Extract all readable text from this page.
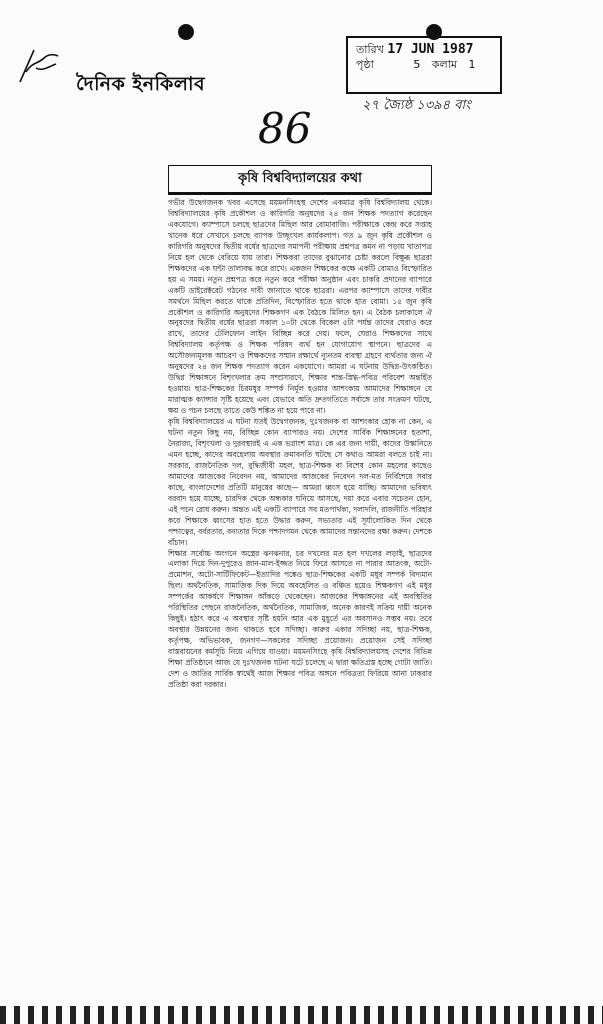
দৈনিক ইনকিলাব
তারিখ 17 JUN 1987
পৃষ্ঠা	5 কলাম 1
86	২৭ জ্যৈষ্ঠ ১৩৯৪ বাং
কৃষি বিশ্ববিদ্যালয়ের কথা

গভীর উদ্বেগজনক খবর এসেছে ময়মনসিংহস্থ দেশের একমাত্র কৃষি বিশ্ববিদ্যালয় থেকে। বিশ্ববিদ্যালয়ের কৃষি প্রকৌশল ও কারিগরি অনুষদের ২৪ জন শিক্ষক পদত্যাগ করেছেন একযোগে। ক্যাম্পাসে চলছে ছাত্রদের মিছিল আর বোমাবাজি। পরীক্ষাকে কেন্দ্র করে সপ্তাহ খানেক ধরে সেখানে চলছে ব্যাপক উচ্ছৃংখল কার্যকলাপ। গত ৯ জুন কৃষি প্রকৌশল ও কারিগরি অনুষদের দ্বিতীয় বর্ষের ছাত্রদের সমাপনী পরীক্ষায় প্রশ্নপত্র কমন না পড়ায় খাতাপত্র নিয়ে হল থেকে বেরিয়ে যায় তারা। শিক্ষকরা তাদের বুঝানোর চেষ্টা করলে বিক্ষুব্ধ ছাত্ররা শিক্ষকদের এক ঘন্টা তালাবদ্ধ করে রাখে। একজন শিক্ষকের কক্ষে একটি বোমাও বিস্ফোরিত হয় এ সময়। নতুন প্রশ্নপত্র করে নতুন করে পরীক্ষা অনুষ্ঠান এবং চাকরি প্রদানের ব্যাপারে একটি ডাইরেক্টরেট গঠনের দাবী জানাতে থাকে ছাত্ররা। এরপর ক্যাম্পাসে তাদের দাবীর সমর্থনে মিছিল করতে থাকে প্রতিদিন, বিস্ফোরিত হতে থাকে হাত বোমা। ১৫ জুন কৃষি প্রকৌশল ও কারিগরি অনুষদের শিক্ষকগণ এক বৈঠকে মিলিত হন। এ বৈঠক চলাকালে ঐ অনুষদের দ্বিতীয় বর্ষের ছাত্ররা সকাল ১০টা থেকে বিকেল ৫টা পর্যন্ত তাদের ঘেরাও করে রাখে, তাদের টেলিফোন লাইন বিচ্ছিন্ন করে দেয়। ফলে, ঘেরাও শিক্ষকদের সাথে বিশ্ববিদ্যালয় কর্তৃপক্ষ ও শিক্ষক পরিষদ ব্যর্থ হন যোগাযোগ স্থাপনে। ছাত্রদের এ অসৌজন্যমূলক আচরণ ও শিক্ষকদের সম্মান রক্ষার্থে ন্যূনতম ব্যবস্থা গ্রহণে ব্যর্থতার জন্য ঐ অনুষদের ২৪ জন শিক্ষক পদত্যাগ করেন একযোগে। আমরা এ ঘটনায় উদ্বিগ্ন-উৎকণ্ঠিত। উদ্বিগ্ন শিক্ষাঙ্গনে বিশৃংখলার ক্রম সম্প্রসারণে, শিক্ষার শান্ত-স্নিগ্ধ-পবিত্র পরিবেশ অন্তর্হিত হওয়ায়। ছাত্র-শিক্ষকের চিরমধুর সম্পর্ক নির্মূল হওয়ার আশংকায় আমাদের শিক্ষাঙ্গনে যে মারাত্মক ক্যান্সার সৃষ্টি হয়েছে এবং যেভাবে অতি দ্রুতগতিতে সর্বাঙ্গে তার সংক্রমণ ঘটছে, ক্ষয় ও পচন চলছে তাতে কেউ শঙ্কিত না হয়ে পারে না।

কৃষি বিশ্ববিদ্যালয়ের এ ঘটনা যতই উদ্বেগজনক, দুঃখজনক বা আশংকার হোক না কেন, এ ঘটনা নতুন কিছু নয়, বিচ্ছিন্ন কোন ব্যাপারও নয়। দেশের সার্বিক শিক্ষাঙ্গনের হতাশা, নৈরাজ্য, বিশৃংখলা ও দুরবস্থারই এ এক ভগ্নাংশ মাত্র। কে এর জন্য দায়ী, কাদের উস্কানিতে এমন হচ্ছে, কাদের অবহেলায় অবস্থার ক্রমাবনতি ঘটছে সে কথাও আমরা বলতে চাই না। সরকার, রাজনৈতিক দল, বুদ্ধিজীবী মহল, ছাত্র-শিক্ষক বা বিশেষ কোন মহলের কাছেও আমাদের আজকের নিবেদন নয়, আমাদের আজকের নিবেদন দল-মত নির্বিশেষে সবার কাছে, বাংলাদেশের প্রতিটি মানুষের কাছে— আমরা ধ্বংস হয়ে যাচ্ছি। আমাদের ভবিষ্যৎ বরবাদ হয়ে যাচ্ছে, চারদিক থেকে অন্ধকার ঘনিয়ে আসছে, দয়া করে এবার সচেতন হোন, এই পচন রোধ করুন। অন্তত এই একটি ব্যাপারে সব মতপার্থক্য, দলাদলি, রাজনীতি পরিহার করে শিক্ষাকে ধ্বংসের হাত হতে উদ্ধার করুন, সভ্যতার এই সূর্যালোকিত দিন থেকে পশ্চাত্বের, বর্বরতার, বন্যতার দিকে পশ্চাদগমন থেকে আমাদের সন্তানদের রক্ষা করুন। দেশকে বাঁচান।

শিক্ষার সর্বোচ্চ অংগনে অস্ত্রের ঝনঝনার, চর দখলের মত হল দখলের লড়াই, ছাত্রদের এলাকা দিয়ে দিন-দুপুরেও জান-মাল-ইজ্জত নিয়ে ফিরে আসতে না পারার আতংক, অটো-প্রমোশন, অটো-সার্টিফিকেট—ইত্যাদির পঙ্কেও ছাত্র-শিক্ষকের একটি মধুর সম্পর্ক বিদ্যমান ছিল। অর্থনৈতিক, সামাজিক দিক দিয়ে অবহেলিত ও বঞ্চিত হয়েও শিক্ষকগণ এই মধুর সম্পর্কের আকর্ষণে শিক্ষাঙ্গন আঁকড়ে থেকেছেন। আজকের শিক্ষাঙ্গনের এই অবস্থিতির পরিস্থিতির পেছনে রাজনৈতিক, অর্থনৈতিক, সামাজিক, অনেক কারণই সক্রিয় দায়ী অনেক কিছুই। হঠাৎ করে এ অবস্থার সৃষ্টি হয়নি আর এক মুহূর্তে এর অবসানও সম্ভব নয়। তবে অবস্থার উন্নয়নের জন্য থাকতে হবে সদিচ্ছা। কারুর একার সদিচ্ছা নয়, ছাত্র-শিক্ষক, কর্তৃপক্ষ, অভিভাবক, জনগণ—সকলের সদিচ্ছা প্রয়োজন। প্রয়োজন সেই সদিচ্ছা বাস্তবায়নের কর্মসূচি নিয়ে এগিয়ে যাওয়া। ময়মনসিংহে কৃষি বিশ্ববিদ্যালয়সহ দেশের বিভিন্ন শিক্ষা প্রতিষ্ঠানে আজ যে দুঃখজনক ঘটনা ঘটে চলেছে এ দ্বারা ক্ষতিগ্রস্ত হচ্ছে গোটা জাতি। দেশ ও জাতির সার্বিক স্বার্থেই আজ শিক্ষার পবিত্র অঙ্গনে পবিত্রতা ফিরিয়ে আনা ঢাকরার প্রতিষ্ঠা করা দরকার।
